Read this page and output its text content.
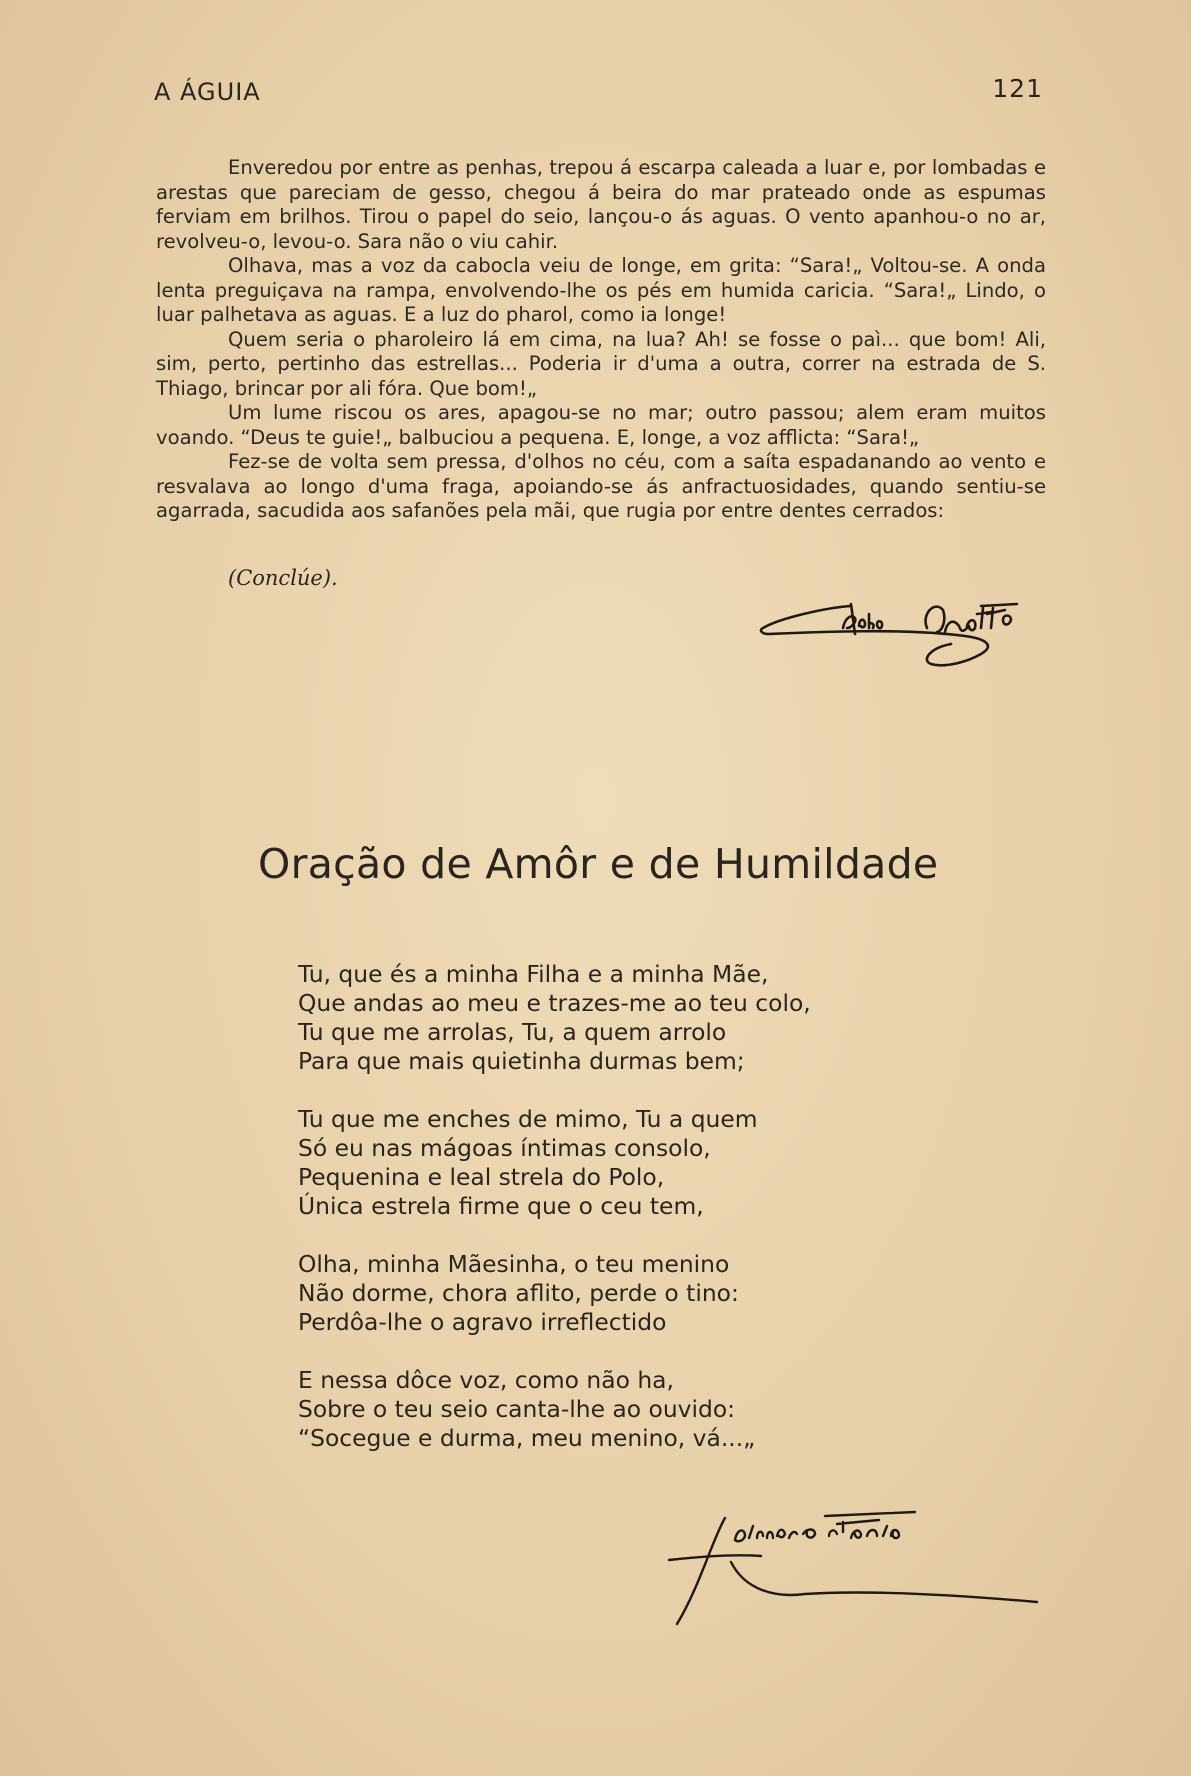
A ÁGUIA	121

Enveredou por entre as penhas, trepou á escarpa caleada a luar e, por lombadas e arestas que pareciam de gesso, chegou á beira do mar prateado onde as espumas ferviam em brilhos. Tirou o papel do seio, lançou-o ás aguas. O vento apanhou-o no ar, revolveu-o, levou-o. Sara não o viu cahir.

Olhava, mas a voz da cabocla veiu de longe, em grita: “Sara!„ Voltou-se. A onda lenta preguiçava na rampa, envolvendo-lhe os pés em humida caricia. “Sara!„ Lindo, o luar palhetava as aguas. E a luz do pharol, como ia longe!

Quem seria o pharoleiro lá em cima, na lua? Ah! se fosse o paì... que bom! Ali, sim, perto, pertinho das estrellas... Poderia ir d'uma a outra, correr na estrada de S. Thiago, brincar por ali fóra. Que bom!„

Um lume riscou os ares, apagou-se no mar; outro passou; alem eram muitos voando. “Deus te guie!„ balbuciou a pequena. E, longe, a voz afflicta: “Sara!„

Fez-se de volta sem pressa, d'olhos no céu, com a saíta espadanando ao vento e resvalava ao longo d'uma fraga, apoiando-se ás anfractuosidades, quando sentiu-se agarrada, sacudida aos safanões pela mãi, que rugia por entre dentes cerrados:

(Conclúe).
Oração de Amôr e de Humildade
Tu, que és a minha Filha e a minha Mãe,
Que andas ao meu e trazes-me ao teu colo,
Tu que me arrolas, Tu, a quem arrolo
Para que mais quietinha durmas bem;
Tu que me enches de mimo, Tu a quem
Só eu nas mágoas íntimas consolo,
Pequenina e leal strela do Polo,
Única estrela firme que o ceu tem,
Olha, minha Mãesinha, o teu menino
Não dorme, chora aflito, perde o tino:
Perdôa-lhe o agravo irreflectido
E nessa dôce voz, como não ha,
Sobre o teu seio canta-lhe ao ouvido:
“Socegue e durma, meu menino, vá...„
